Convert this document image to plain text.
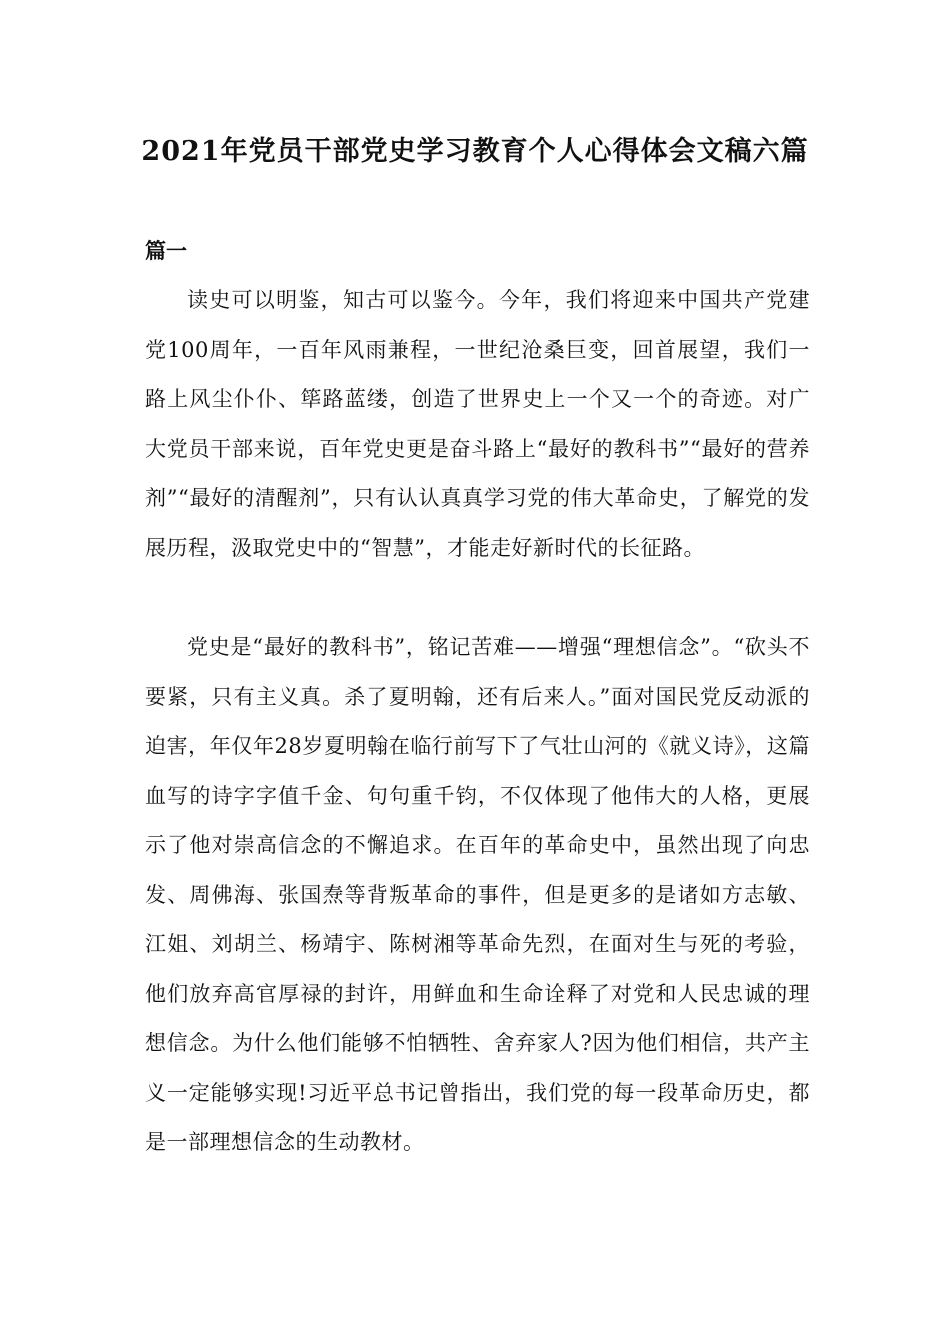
2021年党员干部党史学习教育个人心得体会文稿六篇
篇一

读史可以明鉴，知古可以鉴今。今年，我们将迎来中国共产党建党100周年，一百年风雨兼程，一世纪沧桑巨变，回首展望，我们一路上风尘仆仆、筚路蓝缕，创造了世界史上一个又一个的奇迹。对广大党员干部来说，百年党史更是奋斗路上“最好的教科书”“最好的营养剂”“最好的清醒剂”，只有认认真真学习党的伟大革命史，了解党的发展历程，汲取党史中的“智慧”，才能走好新时代的长征路。

党史是“最好的教科书”，铭记苦难——增强“理想信念”。“砍头不要紧，只有主义真。杀了夏明翰，还有后来人。”面对国民党反动派的迫害，年仅年28岁夏明翰在临行前写下了气壮山河的《就义诗》，这篇血写的诗字字值千金、句句重千钧，不仅体现了他伟大的人格，更展示了他对崇高信念的不懈追求。在百年的革命史中，虽然出现了向忠发、周佛海、张国焘等背叛革命的事件，但是更多的是诸如方志敏、江姐、刘胡兰、杨靖宇、陈树湘等革命先烈，在面对生与死的考验，他们放弃高官厚禄的封许，用鲜血和生命诠释了对党和人民忠诚的理想信念。为什么他们能够不怕牺牲、舍弃家人?因为他们相信，共产主义一定能够实现!习近平总书记曾指出，我们党的每一段革命历史，都是一部理想信念的生动教材。
